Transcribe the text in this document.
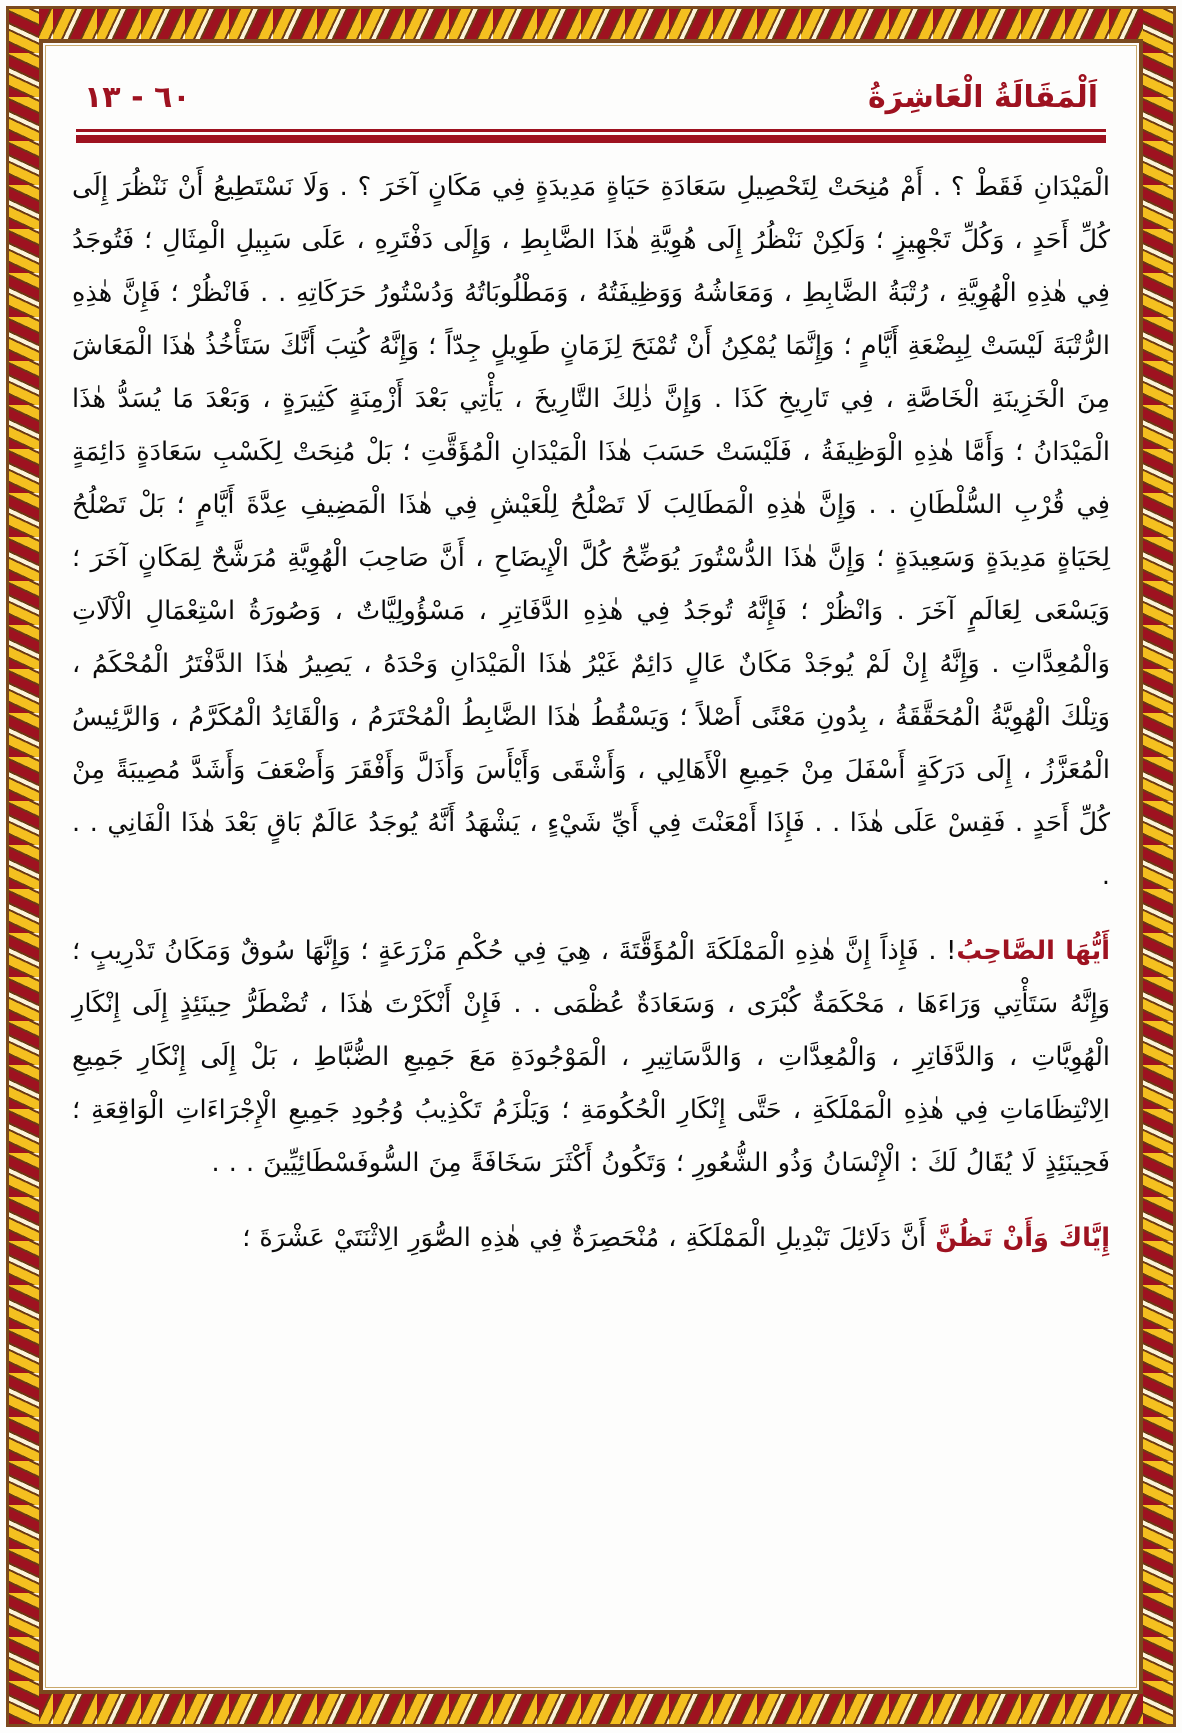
٦٠ - ١٣	اَلْمَقَالَةُ الْعَاشِرَةُ

الْمَيْدَانِ فَقَطْ ؟ . أَمْ مُنِحَتْ لِتَحْصِيلِ سَعَادَةِ حَيَاةٍ مَدِيدَةٍ فِي مَكَانٍ آخَرَ ؟ . وَلَا نَسْتَطِيعُ أَنْ نَنْظُرَ إِلَى كُلِّ أَحَدٍ ، وَكُلِّ تَجْهِيزٍ ؛ وَلَكِنْ نَنْظُرُ إِلَى هُوِيَّةِ هٰذَا الضَّابِطِ ، وَإِلَى دَفْتَرِهِ ، عَلَى سَبِيلِ الْمِثَالِ ؛ فَتُوجَدُ فِي هٰذِهِ الْهُوِيَّةِ ، رُتْبَةُ الضَّابِطِ ، وَمَعَاشُهُ وَوَظِيفَتُهُ ، وَمَطْلُوبَاتُهُ وَدُسْتُورُ حَرَكَاتِهِ . . فَانْظُرْ ؛ فَإِنَّ هٰذِهِ الرُّتْبَةَ لَيْسَتْ لِبِضْعَةِ أَيَّامٍ ؛ وَإِنَّمَا يُمْكِنُ أَنْ تُمْنَحَ لِزَمَانٍ طَوِيلٍ جِدّاً ؛ وَإِنَّهُ كُتِبَ أَنَّكَ سَتَأْخُذُ هٰذَا الْمَعَاشَ مِنَ الْخَزِينَةِ الْخَاصَّةِ ، فِي تَارِيخِ كَذَا . وَإِنَّ ذٰلِكَ التَّارِيخَ ، يَأْتِي بَعْدَ أَزْمِنَةٍ كَثِيرَةٍ ، وَبَعْدَ مَا يُسَدُّ هٰذَا الْمَيْدَانُ ؛ وَأَمَّا هٰذِهِ الْوَظِيفَةُ ، فَلَيْسَتْ حَسَبَ هٰذَا الْمَيْدَانِ الْمُؤَقَّتِ ؛ بَلْ مُنِحَتْ لِكَسْبِ سَعَادَةٍ دَائِمَةٍ فِي قُرْبِ السُّلْطَانِ . . وَإِنَّ هٰذِهِ الْمَطَالِبَ لَا تَصْلُحُ لِلْعَيْشِ فِي هٰذَا الْمَضِيفِ عِدَّةَ أَيَّامٍ ؛ بَلْ تَصْلُحُ لِحَيَاةٍ مَدِيدَةٍ وَسَعِيدَةٍ ؛ وَإِنَّ هٰذَا الدُّسْتُورَ يُوَضِّحُ كُلَّ الْإِيضَاحِ ، أَنَّ صَاحِبَ الْهُوِيَّةِ مُرَشَّحٌ لِمَكَانٍ آخَرَ ؛ وَيَسْعَى لِعَالَمٍ آخَرَ . وَانْظُرْ ؛ فَإِنَّهُ تُوجَدُ فِي هٰذِهِ الدَّفَاتِرِ ، مَسْؤُولِيَّاتٌ ، وَصُورَةُ اسْتِعْمَالِ الْآلَاتِ وَالْمُعِدَّاتِ . وَإِنَّهُ إِنْ لَمْ يُوجَدْ مَكَانٌ عَالٍ دَائِمٌ غَيْرُ هٰذَا الْمَيْدَانِ وَحْدَهُ ، يَصِيرُ هٰذَا الدَّفْتَرُ الْمُحْكَمُ ، وَتِلْكَ الْهُوِيَّةُ الْمُحَقَّقَةُ ، بِدُونِ مَعْنًى أَصْلاً ؛ وَيَسْقُطُ هٰذَا الضَّابِطُ الْمُحْتَرَمُ ، وَالْقَائِدُ الْمُكَرَّمُ ، وَالرَّئِيسُ الْمُعَزَّزُ ، إِلَى دَرَكَةٍ أَسْفَلَ مِنْ جَمِيعِ الْأَهَالِي ، وَأَشْقَى وَأَيْأَسَ وَأَذَلَّ وَأَفْقَرَ وَأَضْعَفَ وَأَشَدَّ مُصِيبَةً مِنْ كُلِّ أَحَدٍ . فَقِسْ عَلَى هٰذَا . . فَإِذَا أَمْعَنْتَ فِي أَيِّ شَيْءٍ ، يَشْهَدُ أَنَّهُ يُوجَدُ عَالَمٌ بَاقٍ بَعْدَ هٰذَا الْفَانِي . . .

أَيُّهَا الصَّاحِبُ! . فَإِذاً إِنَّ هٰذِهِ الْمَمْلَكَةَ الْمُؤَقَّتَةَ ، هِيَ فِي حُكْمِ مَزْرَعَةٍ ؛ وَإِنَّهَا سُوقٌ وَمَكَانُ تَدْرِيبٍ ؛ وَإِنَّهُ سَتَأْتِي وَرَاءَهَا ، مَحْكَمَةٌ كُبْرَى ، وَسَعَادَةٌ عُظْمَى . . فَإِنْ أَنْكَرْتَ هٰذَا ، تُضْطَرُّ حِينَئِذٍ إِلَى إِنْكَارِ الْهُوِيَّاتِ ، وَالدَّفَاتِرِ ، وَالْمُعِدَّاتِ ، وَالدَّسَاتِيرِ ، الْمَوْجُودَةِ مَعَ جَمِيعِ الضُّبَّاطِ ، بَلْ إِلَى إِنْكَارِ جَمِيعِ الِانْتِظَامَاتِ فِي هٰذِهِ الْمَمْلَكَةِ ، حَتَّى إِنْكَارِ الْحُكُومَةِ ؛ وَيَلْزَمُ تَكْذِيبُ وُجُودِ جَمِيعِ الْإِجْرَاءَاتِ الْوَاقِعَةِ ؛ فَحِينَئِذٍ لَا يُقَالُ لَكَ : الْإِنْسَانُ وَذُو الشُّعُورِ ؛ وَتَكُونُ أَكْثَرَ سَخَافَةً مِنَ السُّوفَسْطَائِيِّينَ . . .

إِيَّاكَ وَأَنْ تَظُنَّ أَنَّ دَلَائِلَ تَبْدِيلِ الْمَمْلَكَةِ ، مُنْحَصِرَةٌ فِي هٰذِهِ الصُّوَرِ الِاثْنَتَيْ عَشْرَةَ ؛
